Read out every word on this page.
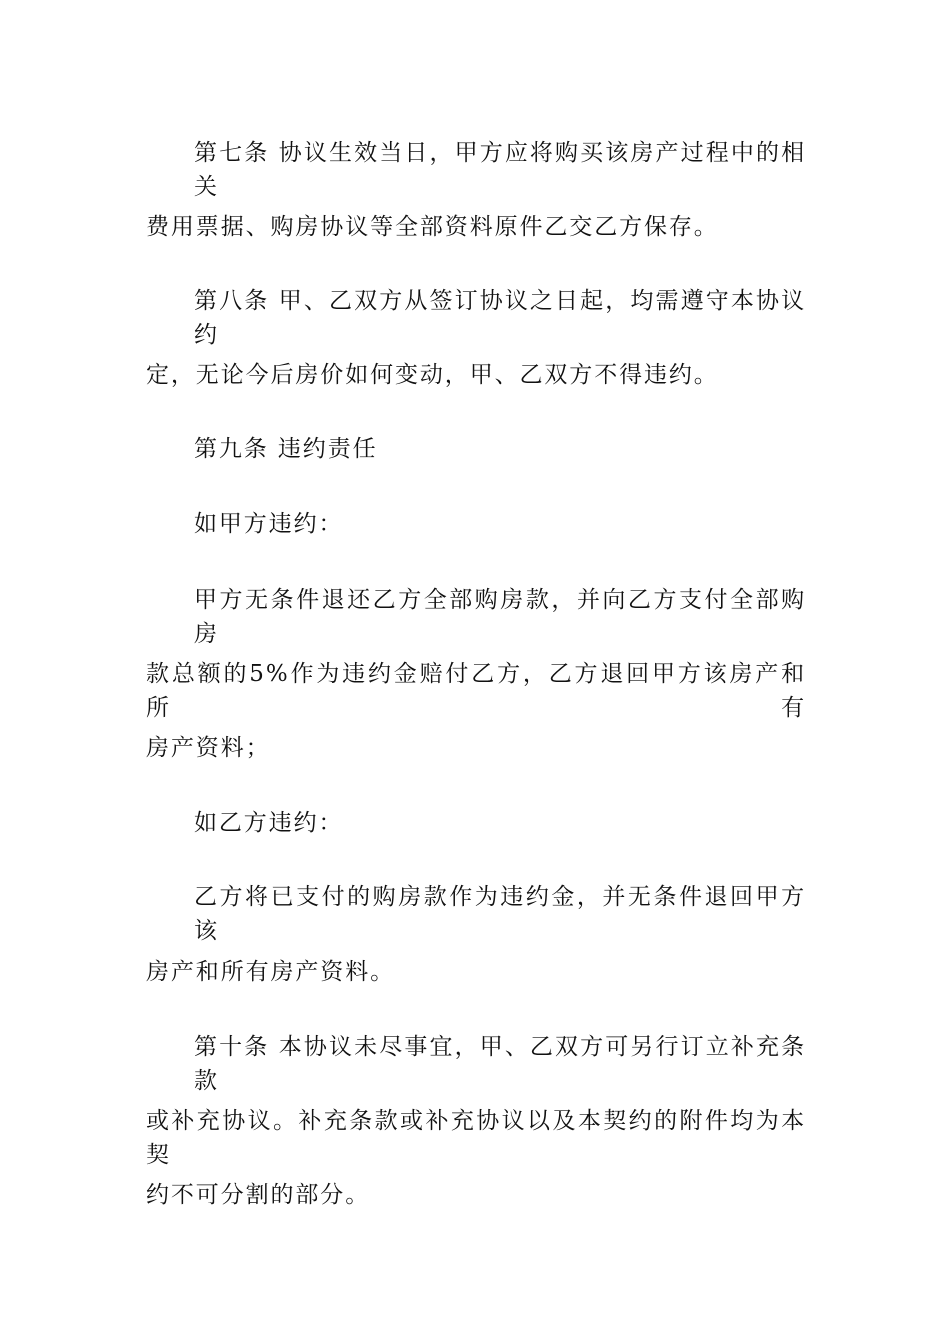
第七条 协议生效当日，甲方应将购买该房产过程中的相关
费用票据、购房协议等全部资料原件乙交乙方保存。
第八条 甲、乙双方从签订协议之日起，均需遵守本协议约
定，无论今后房价如何变动，甲、乙双方不得违约。
第九条 违约责任
如甲方违约：
甲方无条件退还乙方全部购房款，并向乙方支付全部购房
款总额的5%作为违约金赔付乙方，乙方退回甲方该房产和所有
房产资料；
如乙方违约：
乙方将已支付的购房款作为违约金，并无条件退回甲方该
房产和所有房产资料。
第十条 本协议未尽事宜，甲、乙双方可另行订立补充条款
或补充协议。补充条款或补充协议以及本契约的附件均为本契
约不可分割的部分。
